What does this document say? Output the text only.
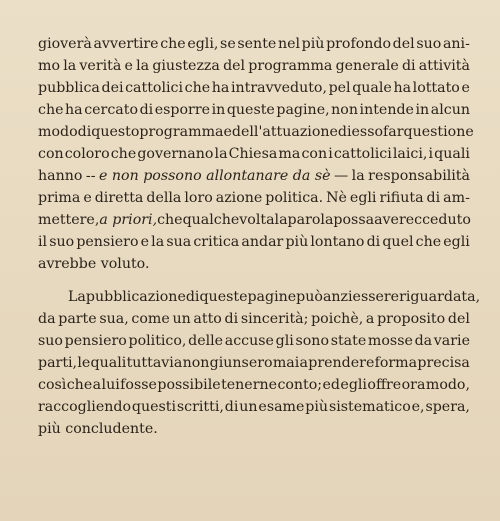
gioverà avvertire che egli, se sente nel più profondo del suo ani-
mo la verità e la giustezza del programma generale di attività
pubblica dei cattolici che ha intravveduto, pel quale ha lottato e
che ha cercato di esporre in queste pagine, non intende in alcun
modo di questo programma e dell' attuazione di esso far questione
con coloro che governano la Chiesa ma con i cattolici laici, i quali
hanno -- e non possono allontanare da sè — la responsabilità
prima e diretta della loro azione politica. Nè egli rifiuta di am-
mettere, a priori, che qualche volta la parola possa aver ecceduto
il suo pensiero e la sua critica andar più lontano di quel che egli
avrebbe
voluto.
La pubblicazione di queste pagine può anzi essere riguardata,
da parte sua, come un atto di sincerità; poichè, a proposito del
suo pensiero politico, delle accuse gli sono state mosse da varie
parti, le quali tuttavia non giunsero mai a prendere forma precisa
così che a lui fosse possibile tenerne conto; ed egli offre ora modo,
raccogliendo questi scritti, di un esame più sistematico e, spera,
più
concludente.
